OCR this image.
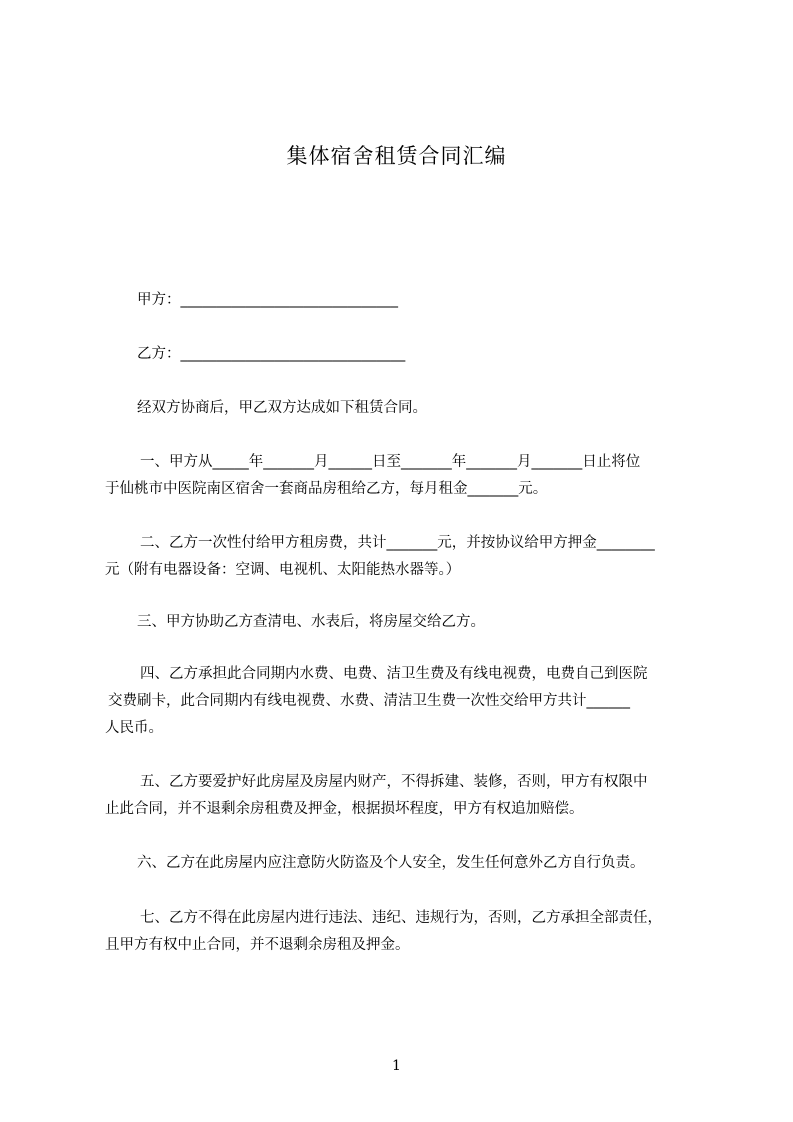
集体宿舍租赁合同汇编
甲方：______________________________
乙方：_______________________________
经双方协商后，甲乙双方达成如下租赁合同。
一、甲方从_____年_______月______日至_______年_______月_______日止将位
于仙桃市中医院南区宿舍一套商品房租给乙方，每月租金_______元。
二、乙方一次性付给甲方租房费，共计_______元，并按协议给甲方押金________
元（附有电器设备：空调、电视机、太阳能热水器等。）
三、甲方协助乙方查清电、水表后，将房屋交给乙方。
四、乙方承担此合同期内水费、电费、洁卫生费及有线电视费，电费自己到医院
交费刷卡，此合同期内有线电视费、水费、清洁卫生费一次性交给甲方共计______
人民币。
五、乙方要爱护好此房屋及房屋内财产，不得拆建、装修，否则，甲方有权限中
止此合同，并不退剩余房租费及押金，根据损坏程度，甲方有权追加赔偿。
六、乙方在此房屋内应注意防火防盗及个人安全，发生任何意外乙方自行负责。
七、乙方不得在此房屋内进行违法、违纪、违规行为，否则，乙方承担全部责任，
且甲方有权中止合同，并不退剩余房租及押金。
1
